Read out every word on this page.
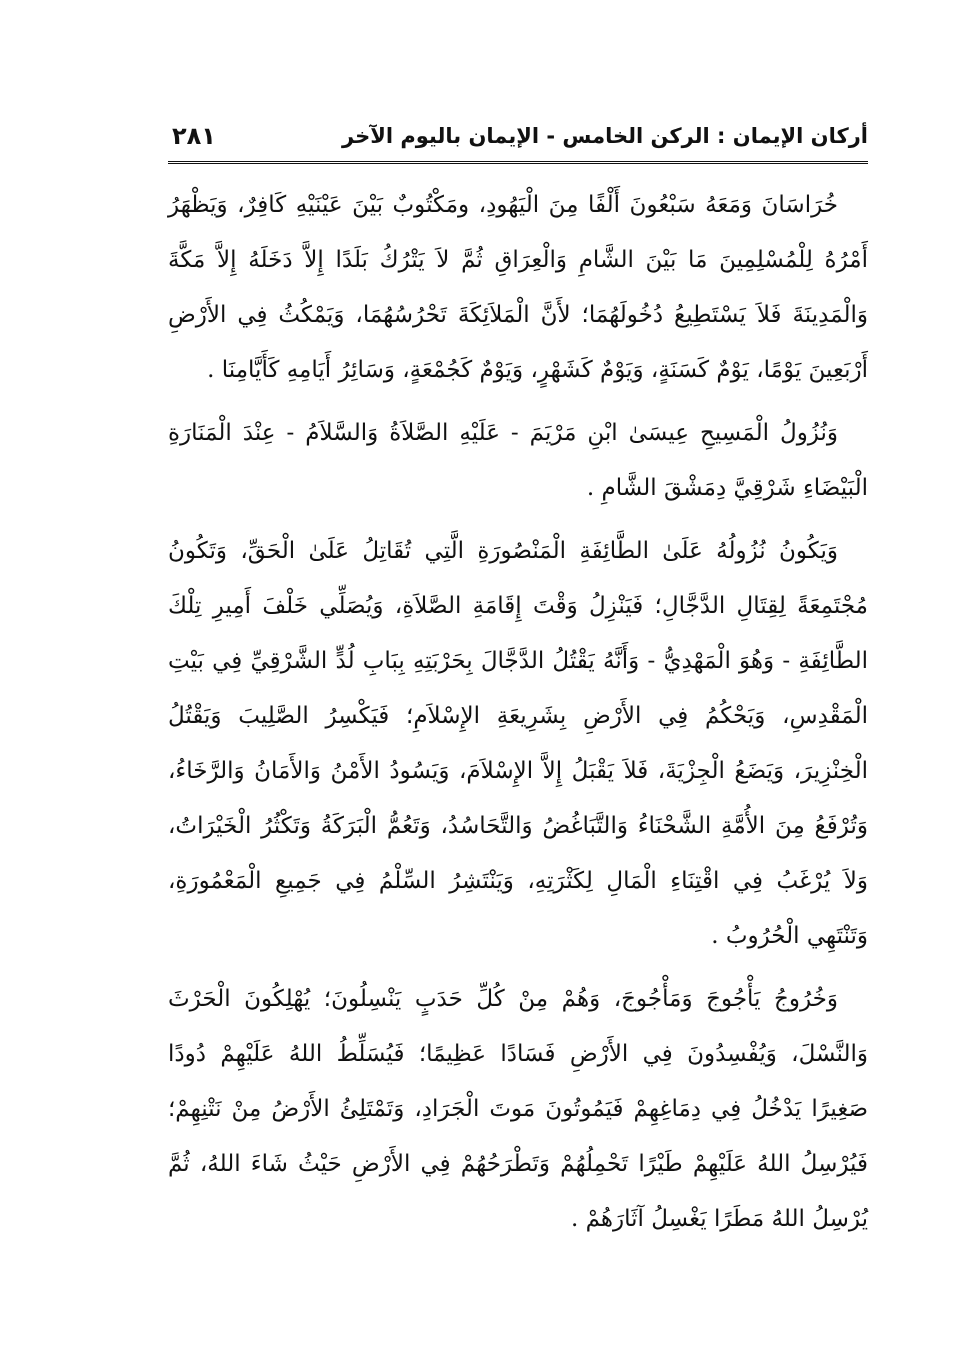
أركان الإيمان : الركن الخامس - الإيمان باليوم الآخر
٢٨١

خُرَاسَانَ وَمَعَهُ سَبْعُونَ أَلْفًا مِنَ الْيَهُودِ، ومَكْتُوبٌ بَيْنَ عَيْنَيْهِ كَافِرٌ، وَيَظْهَرُ أَمْرُهُ لِلْمُسْلِمِينَ مَا بَيْنَ الشَّامِ وَالْعِرَاقِ ثُمَّ لاَ يَتْرُكُ بَلَدًا إِلاَّ دَخَلَهُ إِلاَّ مَكَّةَ وَالْمَدِينَةَ فَلاَ يَسْتَطِيعُ دُخُولَهُمَا؛ لأَنَّ الْمَلاَئِكَةَ تَحْرُسُهُمَا، وَيَمْكُثُ فِي الأَرْضِ أَرْبَعِينَ يَوْمًا، يَوْمٌ كَسَنَةٍ، وَيَوْمٌ كَشَهْرٍ، وَيَوْمٌ كَجُمْعَةٍ، وَسَائِرُ أَيَامِهِ كَأَيَّامِنَا .

وَنُزُولُ الْمَسِيحِ عِيسَىٰ ابْنِ مَرْيَمَ - عَلَيْهِ الصَّلاَةُ وَالسَّلاَمُ - عِنْدَ الْمَنَارَةِ الْبَيْضَاءِ شَرْقِيَّ دِمَشْقَ الشَّامِ .

وَيَكُونُ نُزُولُهُ عَلَىٰ الطَّائِفَةِ الْمَنْصُورَةِ الَّتِي تُقَاتِلُ عَلَىٰ الْحَقِّ، وَتَكُونُ مُجْتَمِعَةً لِقِتَالِ الدَّجَّالِ؛ فَيَنْزِلُ وَقْتَ إِقَامَةِ الصَّلاَةِ، وَيُصَلِّي خَلْفَ أَمِيرِ تِلْكَ الطَّائِفَةِ - وَهُوَ الْمَهْدِيُّ - وَأَنَّهُ يَقْتُلُ الدَّجَّالَ بِحَرْبَتِهِ بِبَابِ لُدٍّ الشَّرْقِيِّ فِي بَيْتِ الْمَقْدِسِ، وَيَحْكُمُ فِي الأَرْضِ بِشَرِيعَةِ الإِسْلاَمِ؛ فَيَكْسِرُ الصَّلِيبَ وَيَقْتُلُ الْخِنْزِيرَ، وَيَضَعُ الْجِزْيَةَ، فَلاَ يَقْبَلُ إِلاَّ الإِسْلاَمَ، وَيَسُودُ الأَمْنُ وَالأَمَانُ وَالرَّخَاءُ، وَتُرْفَعُ مِنَ الأُمَّةِ الشَّحْنَاءُ وَالتَّبَاغُضُ وَالتَّحَاسُدُ، وَتَعُمُّ الْبَرَكَةُ وَتَكْثُرُ الْخَيْرَاتُ، وَلاَ يُرْغَبُ فِي اقْتِنَاءِ الْمَالِ لِكَثْرَتِهِ، وَيَنْتَشِرُ السِّلْمُ فِي جَمِيعِ الْمَعْمُورَةِ، وَتَنْتَهِي الْحُرُوبُ .

وَخُرُوجُ يَأْجُوجَ وَمَأْجُوجَ، وَهُمْ مِنْ كُلِّ حَدَبٍ يَنْسِلُونَ؛ يُهْلِكُونَ الْحَرْثَ وَالنَّسْلَ، وَيُفْسِدُونَ فِي الأَرْضِ فَسَادًا عَظِيمًا؛ فَيُسَلِّطُ اللهُ عَلَيْهِمْ دُودًا صَغِيرًا يَدْخُلُ فِي دِمَاغِهِمْ فَيَمُوتُونَ مَوتَ الْجَرَادِ، وَتَمْتَلِئُ الأَرْضُ مِنْ نَتْنِهِمْ؛ فَيُرْسِلُ اللهُ عَلَيْهِمْ طَيْرًا تَحْمِلُهُمْ وَتَطْرَحُهُمْ فِي الأَرْضِ حَيْثُ شَاءَ اللهُ، ثُمَّ يُرْسِلُ اللهُ مَطَرًا يَغْسِلُ آثَارَهُمْ .
